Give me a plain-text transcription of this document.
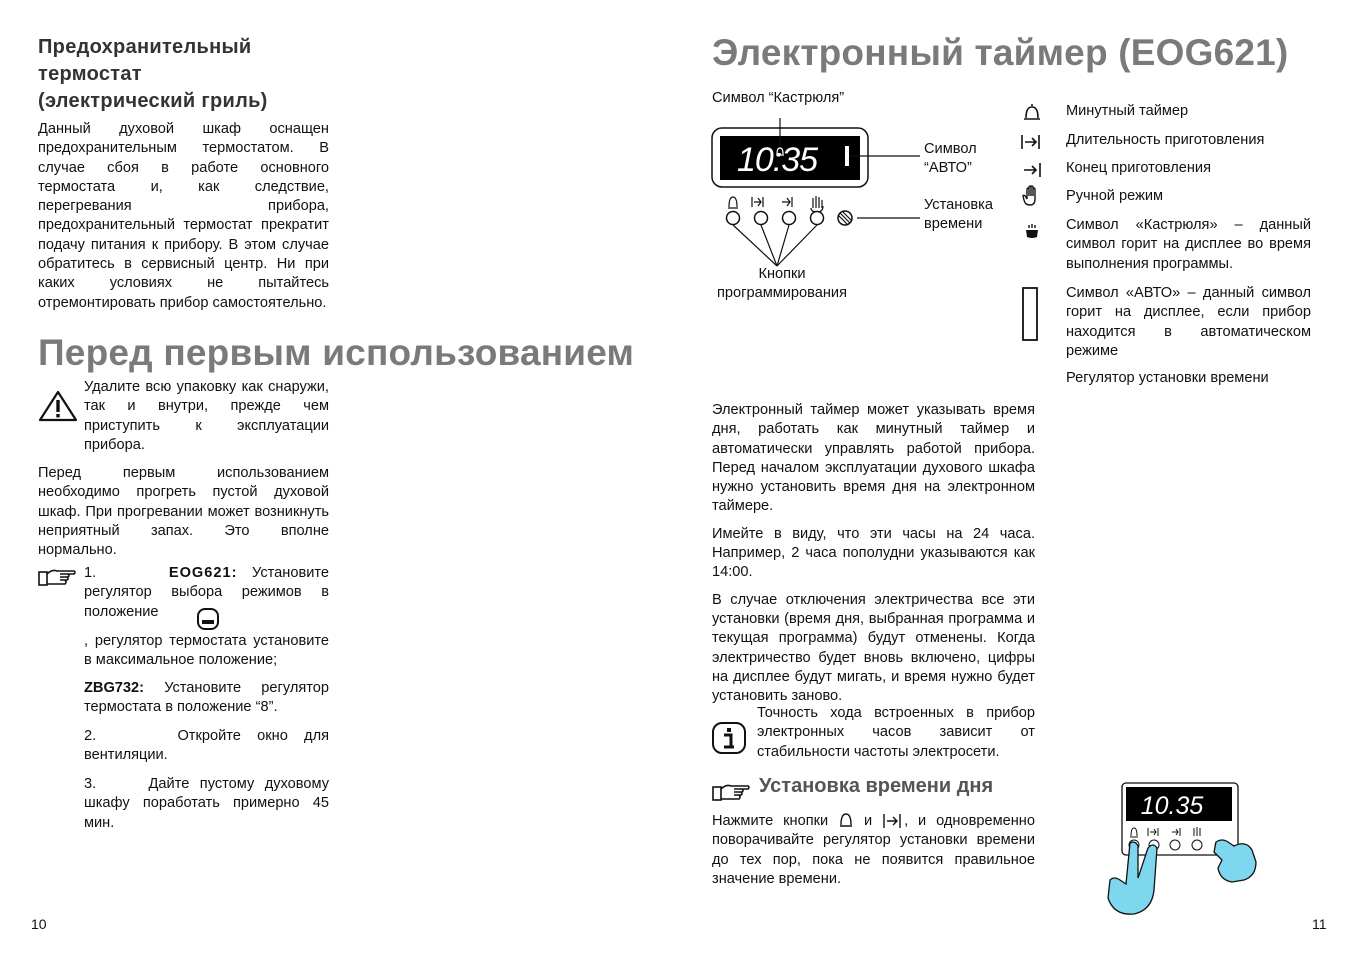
Предохранительный
термостат
(электрический гриль)
Данный духовой шкаф оснащен предохранительным термостатом. В случае сбоя в работе основного термостата и, как следствие, перегревания прибора, предохранительный термостат прекратит подачу питания к прибору. В этом случае обратитесь в сервисный центр. Ни при каких условиях не пытайтесь отремонтировать прибор самостоятельно.
Перед первым использованием
Удалите всю упаковку как снаружи, так и внутри, прежде чем приступить к эксплуатации прибора.
Перед первым использованием необходимо прогреть пустой духовой шкаф. При прогревании может возникнуть неприятный запах. Это вполне нормально.
1.	EOG621: Установите регулятор выбора режимов в положение
, регулятор термостата установите в максимальное положение;
ZBG732: Установите регулятор термостата в положение “8”.
2.	Откройте окно для вентиляции.
3.	Дайте пустому духовому шкафу поработать примерно 45 мин.
10
Электронный таймер (EOG621)
Символ “Кастрюля”
Символ
“АВТО”
Установка
времени
Кнопки
программирования
10:35
Минутный таймер
Длительность приготовления
Конец приготовления
Ручной режим
Символ «Кастрюля» – данный символ горит на дисплее во время выполнения программы.
Символ «АВТО» – данный символ горит на дисплее, если прибор находится в автоматическом режиме
Регулятор установки времени
Электронный таймер может указывать время дня, работать как минутный таймер и автоматически управлять работой прибора. Перед началом эксплуатации духового шкафа нужно установить время дня на электронном таймере.
Имейте в виду, что эти часы на 24 часа. Например, 2 часа пополудни указываются как 14:00.
В случае отключения электричества все эти установки (время дня, выбранная программа и текущая программа) будут отменены. Когда электричество будет вновь включено, цифры на дисплее будут мигать, и время нужно будет установить заново.
Точность хода встроенных в прибор электронных часов зависит от стабильности частоты электросети.
Установка времени дня
Нажмите кнопки и , и одновременно поворачивайте регулятор установки времени до тех пор, пока не появится правильное значение времени.
10.35
11
